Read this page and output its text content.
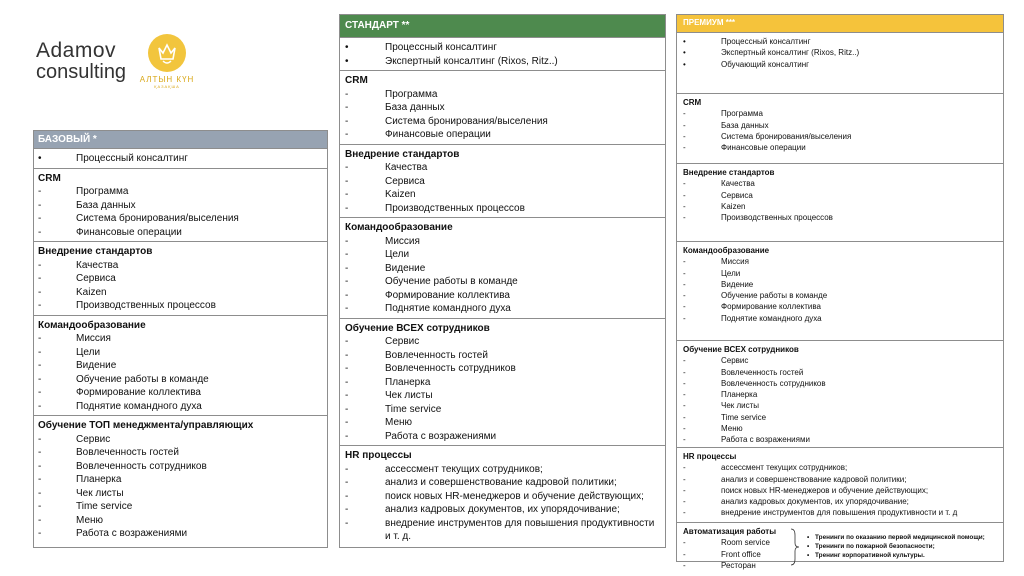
Adamov
consulting АЛТЫН КҮН
ҚАЗАҚША
БАЗОВЫЙ *
•	Процессный консалтинг
CRM
-	Программа
-	База данных
-	Система бронирования/выселения
-	Финансовые операции
Внедрение стандартов
-	Качества
-	Сервиса
-	Kaizen
-	Производственных процессов
Командообразование
-	Миссия
-	Цели
-	Видение
-	Обучение работы в команде
-	Формирование коллектива
-	Поднятие командного духа
Обучение ТОП менеджмента/управляющих
-	Сервис
-	Вовлеченность гостей
-	Вовлеченность сотрудников
-	Планерка
-	Чек листы
-	Time service
-	Меню
-	Работа с возражениями
СТАНДАРТ **
•	Процессный консалтинг
•	Экспертный консалтинг (Rixos, Ritz..)
CRM
-	Программа
-	База данных
-	Система бронирования/выселения
-	Финансовые операции
Внедрение стандартов
-	Качества
-	Сервиса
-	Kaizen
-	Производственных процессов
Командообразование
-	Миссия
-	Цели
-	Видение
-	Обучение работы в команде
-	Формирование коллектива
-	Поднятие командного духа
Обучение ВСЕХ сотрудников
-	Сервис
-	Вовлеченность гостей
-	Вовлеченность сотрудников
-	Планерка
-	Чек листы
-	Time service
-	Меню
-	Работа с возражениями
HR процессы
-	ассессмент текущих сотрудников;
-	анализ и совершенствование кадровой политики;
-	поиск новых HR-менеджеров и обучение действующих;
-	анализ кадровых документов, их упорядочивание;
-	внедрение инструментов для повышения продуктивности и т. д.
ПРЕМИУМ ***
•	Процессный консалтинг
•	Экспертный консалтинг (Rixos, Ritz..)
•	Обучающий консалтинг
CRM
-	Программа
-	База данных
-	Система бронирования/выселения
-	Финансовые операции
Внедрение стандартов
-	Качества
-	Сервиса
-	Kaizen
-	Производственных процессов
Командообразование
-	Миссия
-	Цели
-	Видение
-	Обучение работы в команде
-	Формирование коллектива
-	Поднятие командного духа
Обучение ВСЕХ сотрудников
-	Сервис
-	Вовлеченность гостей
-	Вовлеченность сотрудников
-	Планерка
-	Чек листы
-	Time service
-	Меню
-	Работа с возражениями
HR процессы
-	ассессмент текущих сотрудников;
-	анализ и совершенствование кадровой политики;
-	поиск новых HR-менеджеров и обучение действующих;
-	анализ кадровых документов, их упорядочивание;
-	внедрение инструментов для повышения продуктивности и т. д
Автоматизация работы
-	Room service
-	Front office
-	Ресторан
• Тренинги по оказанию первой медицинской помощи;
• Тренинги по пожарной безопасности;
• Тренинг корпоративной культуры.
